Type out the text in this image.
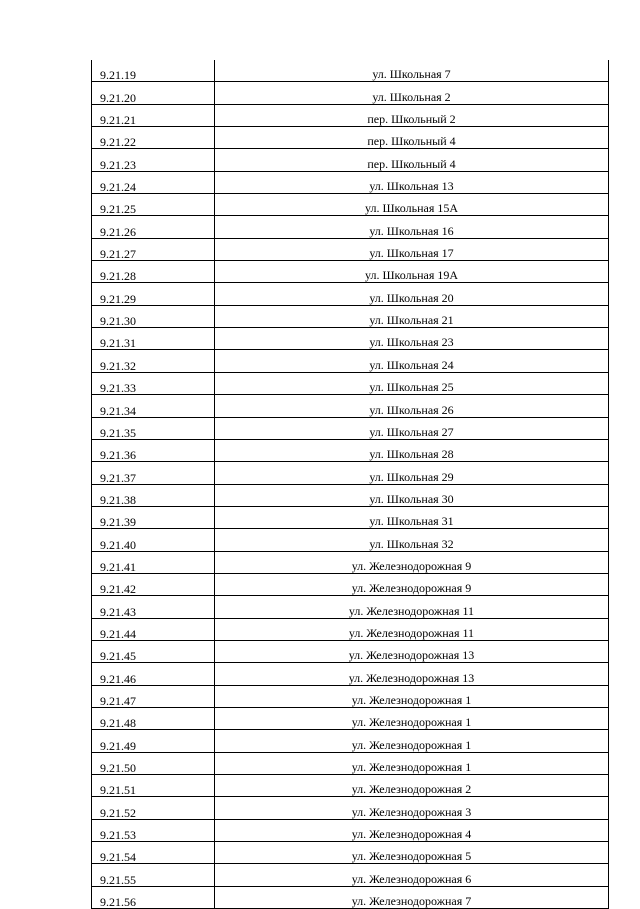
9.21.19	ул. Школьная 7
9.21.20	ул. Школьная 2
9.21.21	пер. Школьный 2
9.21.22	пер. Школьный 4
9.21.23	пер. Школьный 4
9.21.24	ул. Школьная 13
9.21.25	ул. Школьная 15А
9.21.26	ул. Школьная 16
9.21.27	ул. Школьная 17
9.21.28	ул. Школьная 19А
9.21.29	ул. Школьная 20
9.21.30	ул. Школьная 21
9.21.31	ул. Школьная 23
9.21.32	ул. Школьная 24
9.21.33	ул. Школьная 25
9.21.34	ул. Школьная 26
9.21.35	ул. Школьная 27
9.21.36	ул. Школьная 28
9.21.37	ул. Школьная 29
9.21.38	ул. Школьная 30
9.21.39	ул. Школьная 31
9.21.40	ул. Школьная 32
9.21.41	ул. Железнодорожная 9
9.21.42	ул. Железнодорожная 9
9.21.43	ул. Железнодорожная 11
9.21.44	ул. Железнодорожная 11
9.21.45	ул. Железнодорожная 13
9.21.46	ул. Железнодорожная 13
9.21.47	ул. Железнодорожная 1
9.21.48	ул. Железнодорожная 1
9.21.49	ул. Железнодорожная 1
9.21.50	ул. Железнодорожная 1
9.21.51	ул. Железнодорожная 2
9.21.52	ул. Железнодорожная 3
9.21.53	ул. Железнодорожная 4
9.21.54	ул. Железнодорожная 5
9.21.55	ул. Железнодорожная 6
9.21.56	ул. Железнодорожная 7
